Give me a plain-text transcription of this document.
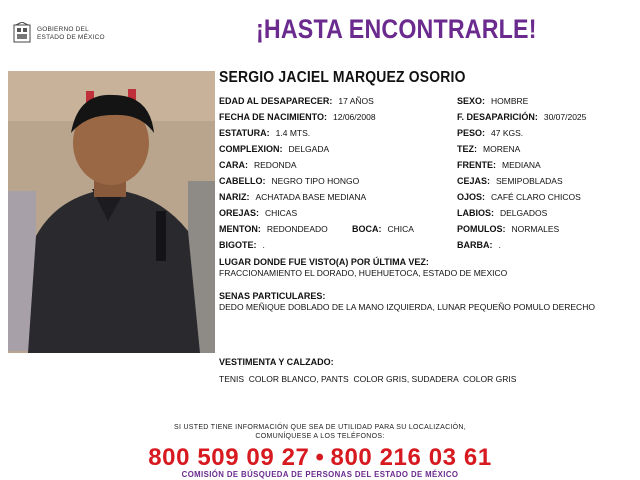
GOBIERNO DEL
ESTADO DE MÉXICO	¡HASTA ENCONTRARLE!
SERGIO JACIEL MARQUEZ OSORIO
EDAD AL DESAPARECER: 17 AÑOS
FECHA DE NACIMIENTO: 12/06/2008
ESTATURA: 1.4 MTS.
COMPLEXION: DELGADA
CARA: REDONDA
CABELLO: NEGRO TIPO HONGO
NARIZ: ACHATADA BASE MEDIANA
OREJAS: CHICAS
MENTON: REDONDEADO	BOCA: CHICA
BIGOTE: .
SEXO: HOMBRE
F. DESAPARICIÓN: 30/07/2025
PESO: 47 KGS.
TEZ: MORENA
FRENTE: MEDIANA
CEJAS: SEMIPOBLADAS
OJOS: CAFÉ CLARO CHICOS
LABIOS: DELGADOS
POMULOS: NORMALES
BARBA: .
LUGAR DONDE FUE VISTO(A) POR ÚLTIMA VEZ:
FRACCIONAMIENTO EL DORADO, HUEHUETOCA, ESTADO DE MEXICO
SENAS PARTICULARES:
DEDO MEÑIQUE DOBLADO DE LA MANO IZQUIERDA, LUNAR PEQUEÑO POMULO DERECHO
VESTIMENTA Y CALZADO:
TENIS  COLOR BLANCO, PANTS  COLOR GRIS, SUDADERA  COLOR GRIS
SI USTED TIENE INFORMACIÓN QUE SEA DE UTILIDAD PARA SU LOCALIZACIÓN,
COMUNÍQUESE A LOS TELÉFONOS:
800 509 09 27 • 800 216 03 61
COMISIÓN DE BÚSQUEDA DE PERSONAS DEL ESTADO DE MÉXICO
